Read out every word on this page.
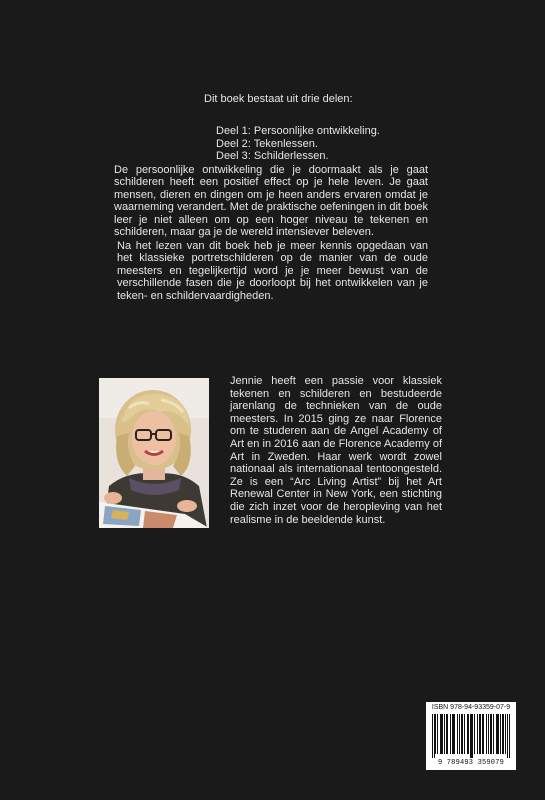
Dit boek bestaat uit drie delen:
Deel 1: Persoonlijke ontwikkeling.
Deel 2: Tekenlessen.
Deel 3: Schilderlessen.
De persoonlijke ontwikkeling die je doormaakt als je gaat schilderen heeft een positief effect op je hele leven. Je gaat mensen, dieren en dingen om je heen anders ervaren omdat je waarneming verandert. Met de praktische oefeningen in dit boek leer je niet alleen om op een hoger niveau te tekenen en schilderen, maar ga je de wereld intensiever beleven.
Na het lezen van dit boek heb je meer kennis opgedaan van het klassieke portretschilderen op de manier van de oude meesters en tegelijkertijd word je je meer bewust van de verschillende fasen die je doorloopt bij het ontwikkelen van je teken- en schildervaardigheden.
Jennie heeft een passie voor klassiek tekenen en schilderen en bestudeerde jarenlang de technieken van de oude meesters. In 2015 ging ze naar Florence om te studeren aan de Angel Academy of Art en in 2016 aan de Florence Academy of Art in Zweden. Haar werk wordt zowel nationaal als internationaal tentoongesteld. Ze is een “Arc Living Artist” bij het Art Renewal Center in New York, een stichting die zich inzet voor de heropleving van het realisme in de beeldende kunst.
ISBN 978-94-93359-07-9
9 789493 359079
